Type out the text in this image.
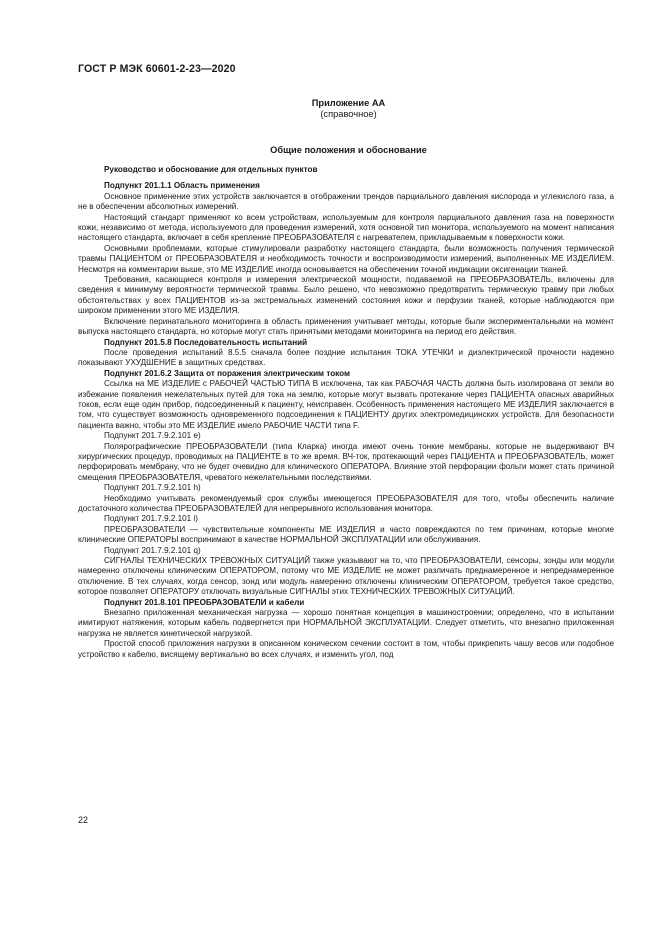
ГОСТ Р МЭК 60601-2-23—2020
Приложение АА
(справочное)
Общие положения и обоснование

Руководство и обоснование для отдельных пунктов

Подпункт 201.1.1 Область применения

Основное применение этих устройств заключается в отображении трендов парциального давления кислорода и углекислого газа, а не в обеспечении абсолютных измерений.

Настоящий стандарт применяют ко всем устройствам, используемым для контроля парциального давления газа на поверхности кожи, независимо от метода, используемого для проведения измерений, хотя основной тип монитора, используемого на момент написания настоящего стандарта, включает в себя крепление ПРЕОБРАЗОВАТЕЛЯ с нагревателем, прикладываемым к поверхности кожи.

Основными проблемами, которые стимулировали разработку настоящего стандарта, были возможность получения термической травмы ПАЦИЕНТОМ от ПРЕОБРАЗОВАТЕЛЯ и необходимость точности и воспроизводимости измерений, выполненных МЕ ИЗДЕЛИЕМ. Несмотря на комментарии выше, это МЕ ИЗДЕЛИЕ иногда основывается на обеспечении точной индикации оксигенации тканей.

Требования, касающиеся контроля и измерения электрической мощности, подаваемой на ПРЕОБРАЗОВАТЕЛЬ, включены для сведения к минимуму вероятности термической травмы. Было решено, что невозможно предотвратить термическую травму при любых обстоятельствах у всех ПАЦИЕНТОВ из-за экстремальных изменений состояния кожи и перфузии тканей, которые наблюдаются при широком применении этого МЕ ИЗДЕЛИЯ.

Включение перинатального мониторинга в область применения учитывает методы, которые были экспериментальными на момент выпуска настоящего стандарта, но которые могут стать принятыми методами мониторинга на период его действия.

Подпункт 201.5.8 Последовательность испытаний

После проведения испытаний 8.5.5 сначала более поздние испытания ТОКА УТЕЧКИ и диэлектрической прочности надежно показывают УХУДШЕНИЕ в защитных средствах.

Подпункт 201.6.2 Защита от поражения электрическим током

Ссылка на МЕ ИЗДЕЛИЕ с РАБОЧЕЙ ЧАСТЬЮ ТИПА В исключена, так как РАБОЧАЯ ЧАСТЬ должна быть изолирована от земли во избежание появления нежелательных путей для тока на землю, которые могут вызвать протекание через ПАЦИЕНТА опасных аварийных токов, если еще один прибор, подсоединенный к пациенту, неисправен. Особенность применения настоящего МЕ ИЗДЕЛИЯ заключается в том, что существует возможность одновременного подсоединения к ПАЦИЕНТУ других электромедицинских устройств. Для безопасности пациента важно, чтобы это МЕ ИЗДЕЛИЕ имело РАБОЧИЕ ЧАСТИ типа F.

Подпункт 201.7.9.2.101 e)

Полярографические ПРЕОБРАЗОВАТЕЛИ (типа Кларка) иногда имеют очень тонкие мембраны, которые не выдерживают ВЧ хирургических процедур, проводимых на ПАЦИЕНТЕ в то же время. ВЧ-ток, протекающий через ПАЦИЕНТА и ПРЕОБРАЗОВАТЕЛЬ, может перфорировать мембрану, что не будет очевидно для клинического ОПЕРАТОРА. Влияние этой перфорации фольги может стать причиной смещения ПРЕОБРАЗОВАТЕЛЯ, чреватого нежелательными последствиями.

Подпункт 201.7.9.2.101 h)

Необходимо учитывать рекомендуемый срок службы имеющегося ПРЕОБРАЗОВАТЕЛЯ для того, чтобы обеспечить наличие достаточного количества ПРЕОБРАЗОВАТЕЛЕЙ для непрерывного использования монитора.

Подпункт 201.7.9.2.101 i)

ПРЕОБРАЗОВАТЕЛИ — чувствительные компоненты МЕ ИЗДЕЛИЯ и часто повреждаются по тем причинам, которые многие клинические ОПЕРАТОРЫ воспринимают в качестве НОРМАЛЬНОЙ ЭКСПЛУАТАЦИИ или обслуживания.

Подпункт 201.7.9.2.101 q)

СИГНАЛЫ ТЕХНИЧЕСКИХ ТРЕВОЖНЫХ СИТУАЦИЙ также указывают на то, что ПРЕОБРАЗОВАТЕЛИ, сенсоры, зонды или модули намеренно отключены клиническим ОПЕРАТОРОМ, потому что МЕ ИЗДЕЛИЕ не может различать преднамеренное и непреднамеренное отключение. В тех случаях, когда сенсор, зонд или модуль намеренно отключены клиническим ОПЕРАТОРОМ, требуется такое средство, которое позволяет ОПЕРАТОРУ отключать визуальные СИГНАЛЫ этих ТЕХНИЧЕСКИХ ТРЕВОЖНЫХ СИТУАЦИЙ.

Подпункт 201.8.101 ПРЕОБРАЗОВАТЕЛИ и кабели

Внезапно приложенная механическая нагрузка — хорошо понятная концепция в машиностроении; определено, что в испытании имитируют натяжения, которым кабель подвергнется при НОРМАЛЬНОЙ ЭКСПЛУАТАЦИИ. Следует отметить, что внезапно приложенная нагрузка не является кинетической нагрузкой.

Простой способ приложения нагрузки в описанном коническом сечении состоит в том, чтобы прикрепить чашу весов или подобное устройство к кабелю, висящему вертикально во всех случаях, и изменить угол, под

22
